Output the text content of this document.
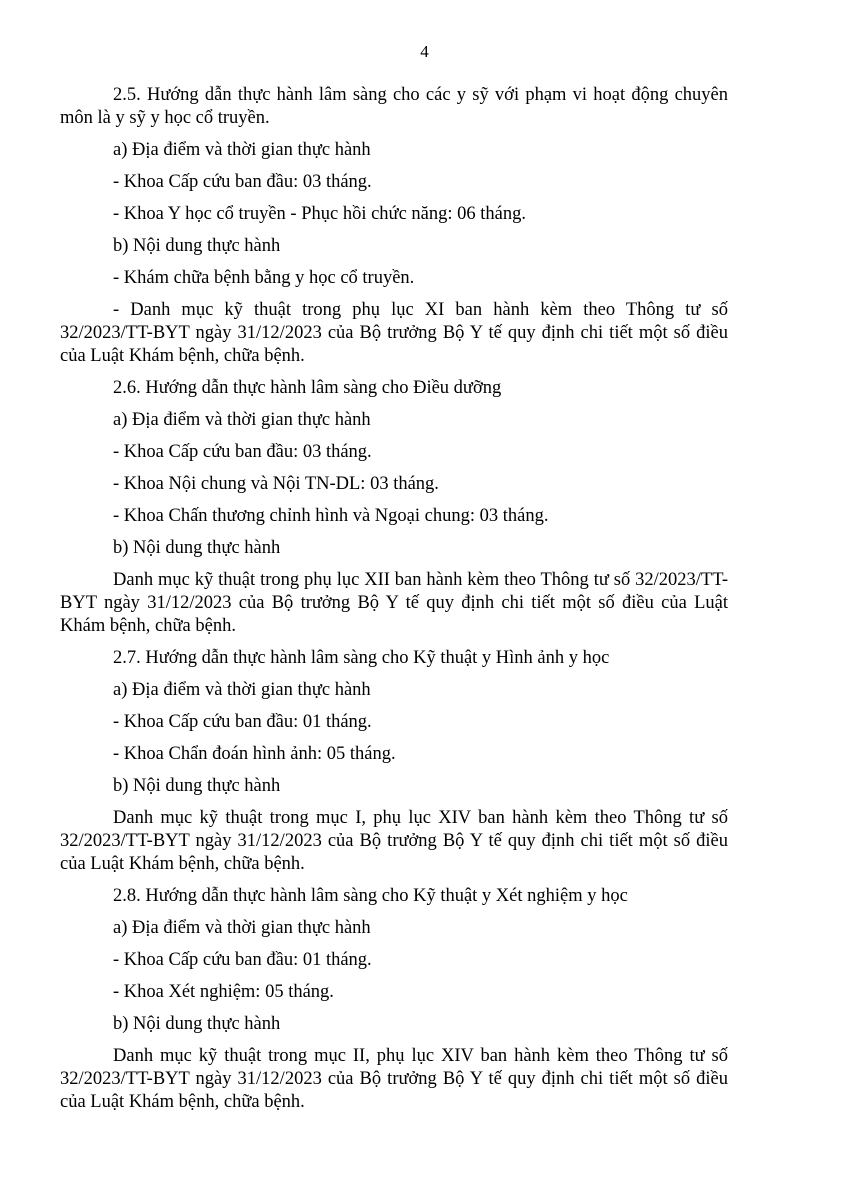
4

2.5. Hướng dẫn thực hành lâm sàng cho các y sỹ với phạm vi hoạt động chuyên môn là y sỹ y học cổ truyền.

a) Địa điểm và thời gian thực hành

- Khoa Cấp cứu ban đầu: 03 tháng.

- Khoa Y học cổ truyền - Phục hồi chức năng: 06 tháng.

b) Nội dung thực hành

- Khám chữa bệnh bằng y học cổ truyền.

- Danh mục kỹ thuật trong phụ lục XI ban hành kèm theo Thông tư số 32/2023/TT-BYT ngày 31/12/2023 của Bộ trưởng Bộ Y tế quy định chi tiết một số điều của Luật Khám bệnh, chữa bệnh.

2.6. Hướng dẫn thực hành lâm sàng cho Điều dưỡng

a) Địa điểm và thời gian thực hành

- Khoa Cấp cứu ban đầu: 03 tháng.

- Khoa Nội chung và Nội TN-DL: 03 tháng.

- Khoa Chấn thương chỉnh hình và Ngoại chung: 03 tháng.

b) Nội dung thực hành

Danh mục kỹ thuật trong phụ lục XII ban hành kèm theo Thông tư số 32/2023/TT-BYT ngày 31/12/2023 của Bộ trưởng Bộ Y tế quy định chi tiết một số điều của Luật Khám bệnh, chữa bệnh.

2.7. Hướng dẫn thực hành lâm sàng cho Kỹ thuật y Hình ảnh y học

a) Địa điểm và thời gian thực hành

- Khoa Cấp cứu ban đầu: 01 tháng.

- Khoa Chẩn đoán hình ảnh: 05 tháng.

b) Nội dung thực hành

Danh mục kỹ thuật trong mục I, phụ lục XIV ban hành kèm theo Thông tư số 32/2023/TT-BYT ngày 31/12/2023 của Bộ trưởng Bộ Y tế quy định chi tiết một số điều của Luật Khám bệnh, chữa bệnh.

2.8. Hướng dẫn thực hành lâm sàng cho Kỹ thuật y Xét nghiệm y học

a) Địa điểm và thời gian thực hành

- Khoa Cấp cứu ban đầu: 01 tháng.

- Khoa Xét nghiệm: 05 tháng.

b) Nội dung thực hành

Danh mục kỹ thuật trong mục II, phụ lục XIV ban hành kèm theo Thông tư số 32/2023/TT-BYT ngày 31/12/2023 của Bộ trưởng Bộ Y tế quy định chi tiết một số điều của Luật Khám bệnh, chữa bệnh.
